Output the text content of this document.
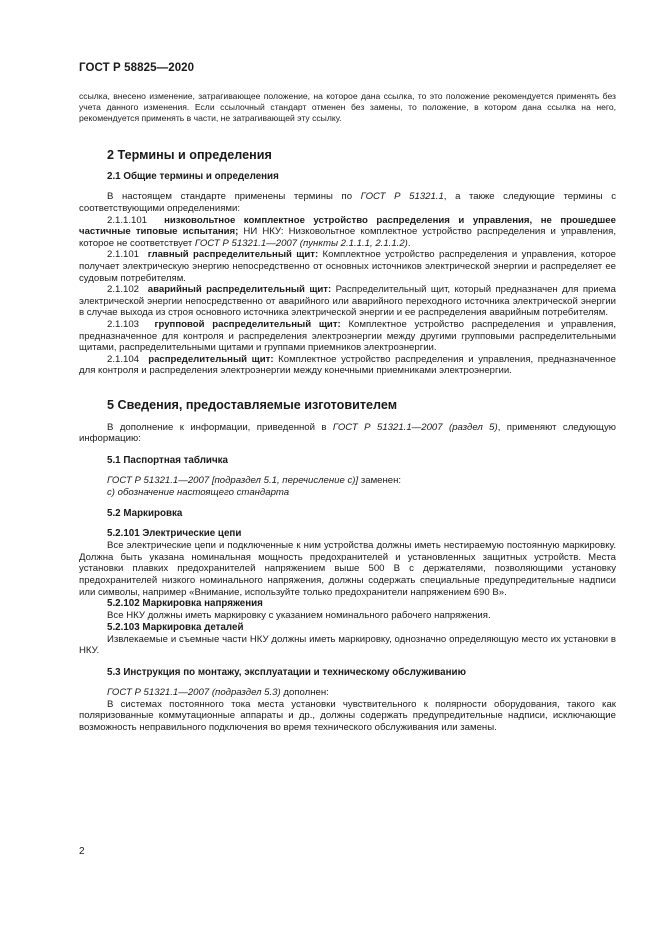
ГОСТ Р 58825—2020

ссылка, внесено изменение, затрагивающее положение, на которое дана ссылка, то это положение рекомендуется применять без учета данного изменения. Если ссылочный стандарт отменен без замены, то положение, в котором дана ссылка на него, рекомендуется применять в части, не затрагивающей эту ссылку.

2 Термины и определения
2.1 Общие термины и определения

В настоящем стандарте применены термины по ГОСТ Р 51321.1, а также следующие термины с соответствующими определениями:

2.1.1.101 низковольтное комплектное устройство распределения и управления, не прошедшее частичные типовые испытания; НИ НКУ: Низковольтное комплектное устройство распределения и управления, которое не соответствует ГОСТ Р 51321.1—2007 (пункты 2.1.1.1, 2.1.1.2).

2.1.101 главный распределительный щит: Комплектное устройство распределения и управления, которое получает электрическую энергию непосредственно от основных источников электрической энергии и распределяет ее судовым потребителям.

2.1.102 аварийный распределительный щит: Распределительный щит, который предназначен для приема электрической энергии непосредственно от аварийного или аварийного переходного источника электрической энергии в случае выхода из строя основного источника электрической энергии и ее распределения аварийным потребителям.

2.1.103 групповой распределительный щит: Комплектное устройство распределения и управления, предназначенное для контроля и распределения электроэнергии между другими групповыми распределительными щитами, распределительными щитами и группами приемников электроэнергии.

2.1.104 распределительный щит: Комплектное устройство распределения и управления, предназначенное для контроля и распределения электроэнергии между конечными приемниками электроэнергии.

5 Сведения, предоставляемые изготовителем

В дополнение к информации, приведенной в ГОСТ Р 51321.1—2007 (раздел 5), применяют следующую информацию:

5.1 Паспортная табличка

ГОСТ Р 51321.1—2007 [подраздел 5.1, перечисление с)] заменен:

с) обозначение настоящего стандарта

5.2 Маркировка
5.2.101 Электрические цепи

Все электрические цепи и подключенные к ним устройства должны иметь нестираемую постоянную маркировку. Должна быть указана номинальная мощность предохранителей и установленных защитных устройств. Места установки плавких предохранителей напряжением выше 500 В с держателями, позволяющими установку предохранителей низкого номинального напряжения, должны содержать специальные предупредительные надписи или символы, например «Внимание, используйте только предохранители напряжением 690 В».

5.2.102 Маркировка напряжения

Все НКУ должны иметь маркировку с указанием номинального рабочего напряжения.

5.2.103 Маркировка деталей

Извлекаемые и съемные части НКУ должны иметь маркировку, однозначно определяющую место их установки в НКУ.

5.3 Инструкция по монтажу, эксплуатации и техническому обслуживанию

ГОСТ Р 51321.1—2007 (подраздел 5.3) дополнен:

В системах постоянного тока места установки чувствительного к полярности оборудования, такого как поляризованные коммутационные аппараты и др., должны содержать предупредительные надписи, исключающие возможность неправильного подключения во время технического обслуживания или замены.

2
